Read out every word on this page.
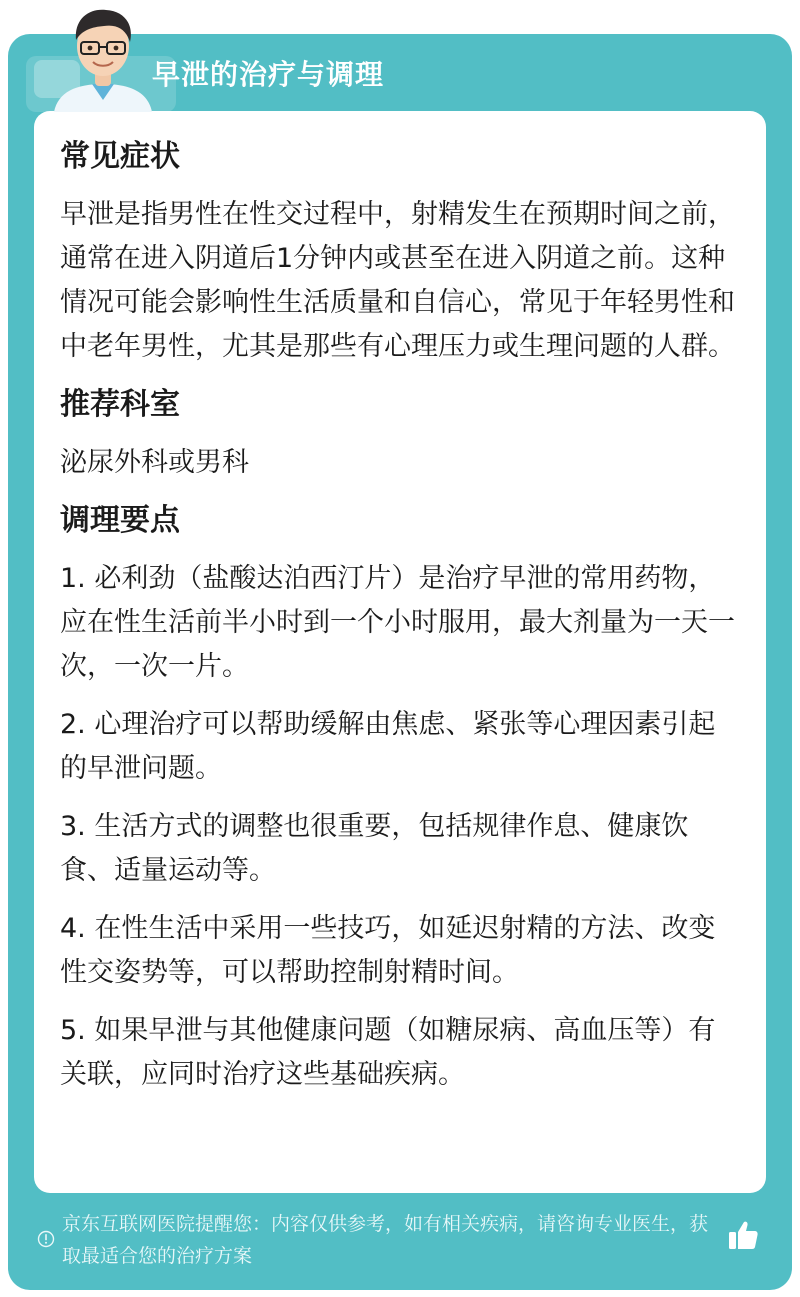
早泄的治疗与调理
常见症状
早泄是指男性在性交过程中，射精发生在预期时间之前，通常在进入阴道后1分钟内或甚至在进入阴道之前。这种情况可能会影响性生活质量和自信心，常见于年轻男性和中老年男性，尤其是那些有心理压力或生理问题的人群。
推荐科室
泌尿外科或男科
调理要点
1. 必利劲（盐酸达泊西汀片）是治疗早泄的常用药物，应在性生活前半小时到一个小时服用，最大剂量为一天一次，一次一片。
2. 心理治疗可以帮助缓解由焦虑、紧张等心理因素引起的早泄问题。
3. 生活方式的调整也很重要，包括规律作息、健康饮食、适量运动等。
4. 在性生活中采用一些技巧，如延迟射精的方法、改变性交姿势等，可以帮助控制射精时间。
5. 如果早泄与其他健康问题（如糖尿病、高血压等）有关联，应同时治疗这些基础疾病。
京东互联网医院提醒您：内容仅供参考，如有相关疾病，请咨询专业医生，获取最适合您的治疗方案
